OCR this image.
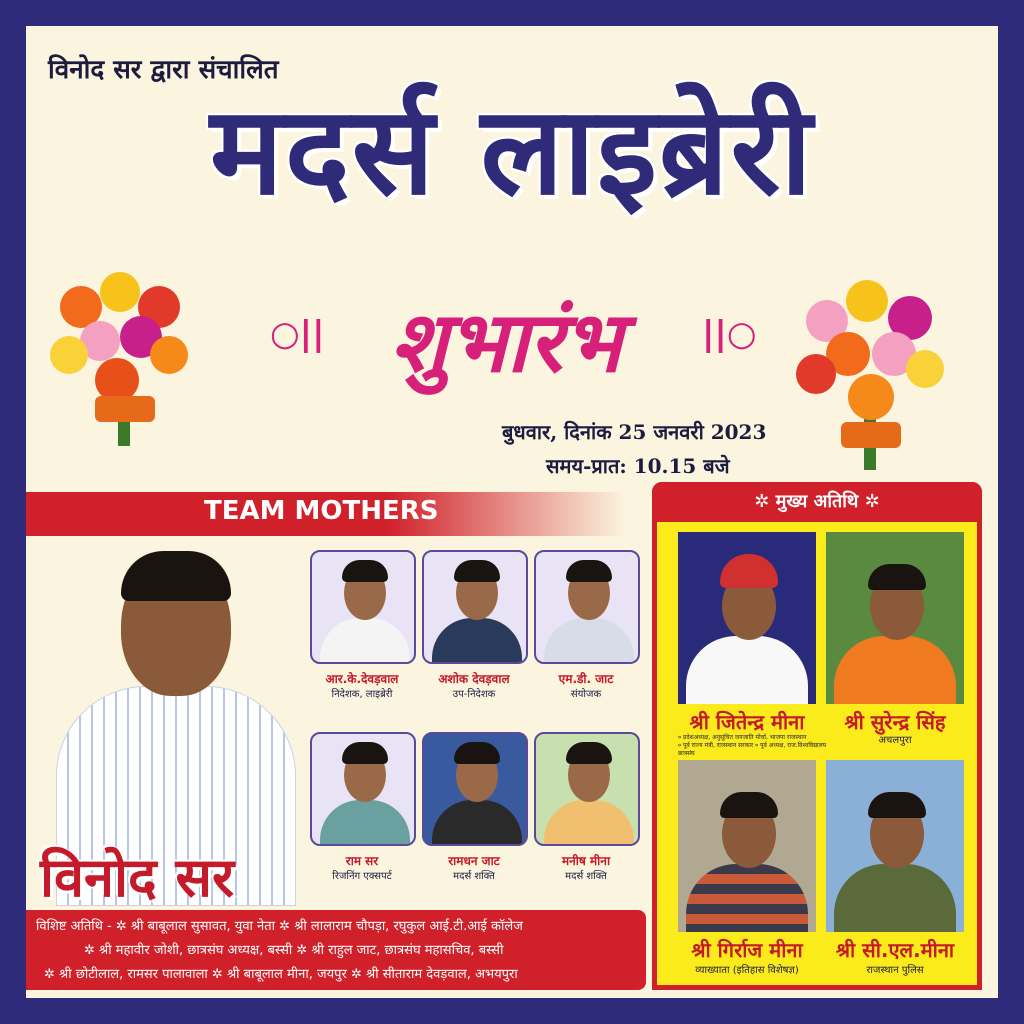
विनोद सर द्वारा संचालित
मदर्स लाइब्रेरी
○|| शुभारंभ	||○
बुधवार, दिनांक 25 जनवरी 2023
समय-प्रात: 10.15 बजे
TEAM MOTHERS
विनोद सर
आर.के.देवड़वाल
निदेशक, लाइब्रेरी
अशोक देवड़वाल
उप-निदेशक
एम.डी. जाट
संयोजक
राम सर
रिजनिंग एक्सपर्ट
रामधन जाट
मदर्स शक्ति
मनीष मीना
मदर्स शक्ति
✲ मुख्य अतिथि ✲
श्री जितेन्द्र मीना
० प्रदेशअध्यक्ष, अनुसूचित जनजाति मोर्चा, भाजपा राजस्थान
० पूर्व राज्य मंत्री, राजस्थान सरकार ० पूर्व अध्यक्ष, राज.विश्वविद्यालय छात्रसंघ
श्री सुरेन्द्र सिंह
अचलपुरा
श्री गिर्राज मीना
व्याख्याता (इतिहास विशेषज्ञ)
श्री सी.एल.मीना
राजस्थान पुलिस
विशिष्ट अतिथि - ✲ श्री बाबूलाल सुसावत, युवा नेता ✲ श्री लालाराम चौपड़ा, रघुकुल आई.टी.आई कॉलेज
✲ श्री महावीर जोशी, छात्रसंघ अध्यक्ष, बस्सी ✲ श्री राहुल जाट, छात्रसंघ महासचिव, बस्सी
✲ श्री छोटीलाल, रामसर पालावाला ✲ श्री बाबूलाल मीना, जयपुर ✲ श्री सीताराम देवड़वाल, अभयपुरा
